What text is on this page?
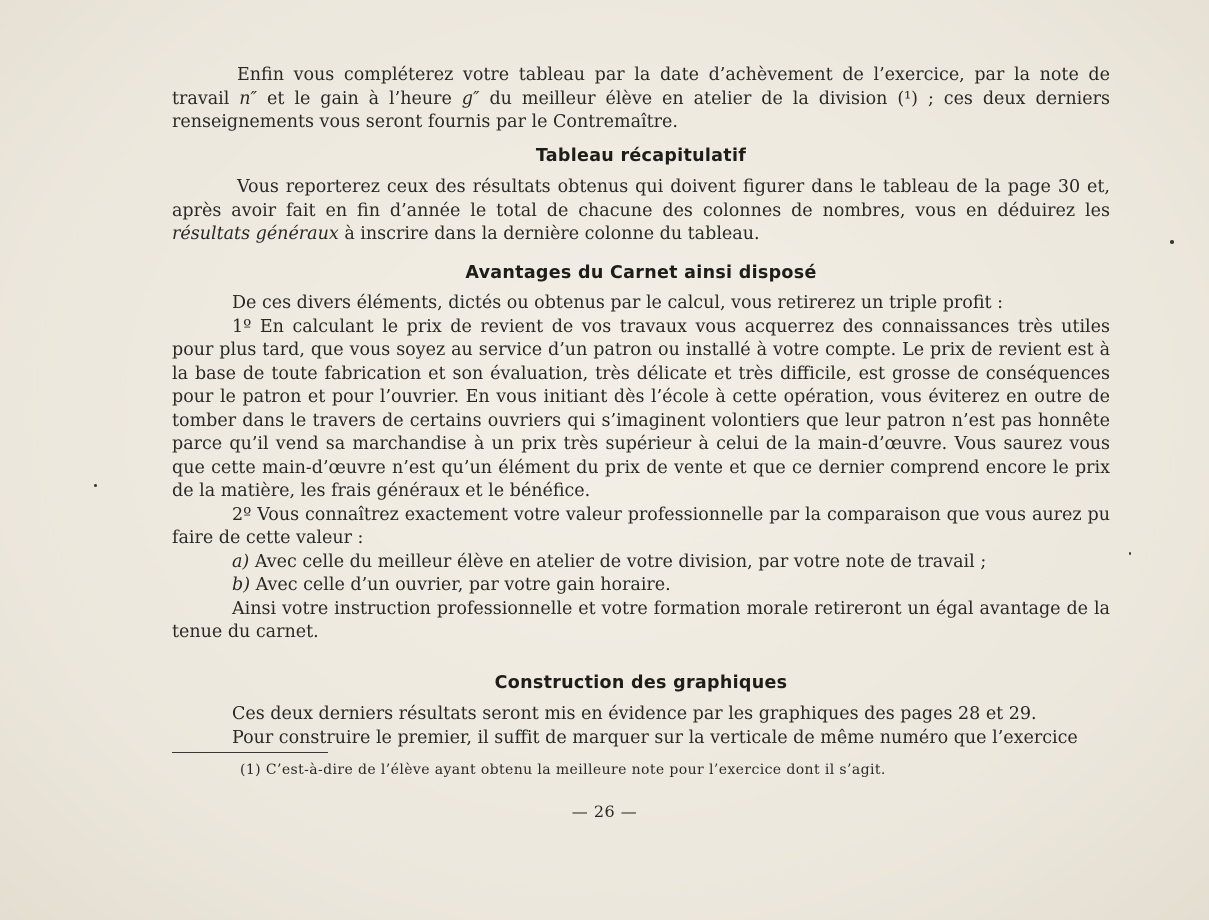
Enfin vous compléterez votre tableau par la date d’achèvement de l’exercice, par la note de travail n″ et le gain à l’heure g″ du meilleur élève en atelier de la division (¹) ; ces deux derniers renseignements vous seront fournis par le Contremaître.

Tableau récapitulatif

Vous reporterez ceux des résultats obtenus qui doivent figurer dans le tableau de la page 30 et, après avoir fait en fin d’année le total de chacune des colonnes de nombres, vous en déduirez les résultats généraux à inscrire dans la dernière colonne du tableau.

Avantages du Carnet ainsi disposé

De ces divers éléments, dictés ou obtenus par le calcul, vous retirerez un triple profit :

1º En calculant le prix de revient de vos travaux vous acquerrez des connaissances très utiles pour plus tard, que vous soyez au service d’un patron ou installé à votre compte. Le prix de revient est à la base de toute fabrication et son évaluation, très délicate et très difficile, est grosse de conséquences pour le patron et pour l’ouvrier. En vous initiant dès l’école à cette opération, vous éviterez en outre de tomber dans le travers de certains ouvriers qui s’imaginent volontiers que leur patron n’est pas honnête parce qu’il vend sa marchandise à un prix très supérieur à celui de la main-d’œuvre. Vous saurez vous que cette main-d’œuvre n’est qu’un élément du prix de vente et que ce dernier comprend encore le prix de la matière, les frais généraux et le bénéfice.

2º Vous connaîtrez exactement votre valeur professionnelle par la comparaison que vous aurez pu faire de cette valeur :

a) Avec celle du meilleur élève en atelier de votre division, par votre note de travail ;

b) Avec celle d’un ouvrier, par votre gain horaire.

Ainsi votre instruction professionnelle et votre formation morale retireront un égal avantage de la tenue du carnet.

Construction des graphiques

Ces deux derniers résultats seront mis en évidence par les graphiques des pages 28 et 29.

Pour construire le premier, il suffit de marquer sur la verticale de même numéro que l’exercice

(1) C’est-à-dire de l’élève ayant obtenu la meilleure note pour l’exercice dont il s’agit.
— 26 —
